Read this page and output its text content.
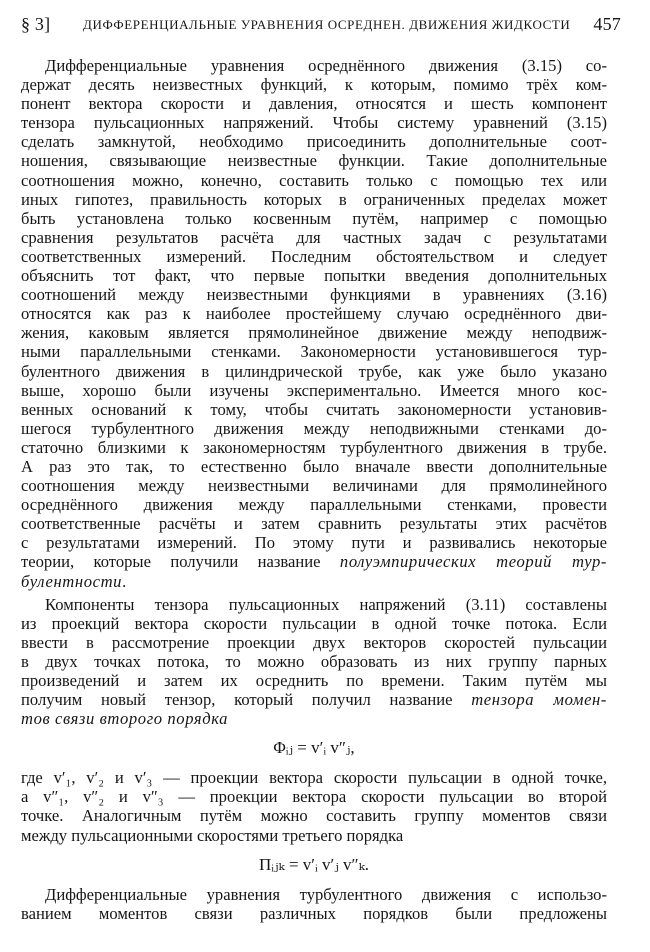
§ 3]	ДИФФЕРЕНЦИАЛЬНЫЕ УРАВНЕНИЯ ОСРЕДНЕН. ДВИЖЕНИЯ ЖИДКОСТИ 457
Дифференциальные уравнения осреднённого движения (3.15) со-
держат десять неизвестных функций, к которым, помимо трёх ком-
понент вектора скорости и давления, относятся и шесть компонент
тензора пульсационных напряжений. Чтобы систему уравнений (3.15)
сделать замкнутой, необходимо присоединить дополнительные соот-
ношения, связывающие неизвестные функции. Такие дополнительные
соотношения можно, конечно, составить только с помощью тех или
иных гипотез, правильность которых в ограниченных пределах может
быть установлена только косвенным путём, например с помощью
сравнения результатов расчёта для частных задач с результатами
соответственных измерений. Последним обстоятельством и следует
объяснить тот факт, что первые попытки введения дополнительных
соотношений между неизвестными функциями в уравнениях (3.16)
относятся как раз к наиболее простейшему случаю осреднённого дви-
жения, каковым является прямолинейное движение между неподвиж-
ными параллельными стенками. Закономерности установившегося тур-
булентного движения в цилиндрической трубе, как уже было указано
выше, хорошо были изучены экспериментально. Имеется много кос-
венных оснований к тому, чтобы считать закономерности установив-
шегося турбулентного движения между неподвижными стенками до-
статочно близкими к закономерностям турбулентного движения в трубе.
А раз это так, то естественно было вначале ввести дополнительные
соотношения между неизвестными величинами для прямолинейного
осреднённого движения между параллельными стенками, провести
соответственные расчёты и затем сравнить результаты этих расчётов
с результатами измерений. По этому пути и развивались некоторые
теории, которые получили название полуэмпирических теорий тур-
булентности.
Компоненты тензора пульсационных напряжений (3.11) составлены
из проекций вектора скорости пульсации в одной точке потока. Если
ввести в рассмотрение проекции двух векторов скоростей пульсации
в двух точках потока, то можно образовать из них группу парных
произведений и затем их осреднить по времени. Таким путём мы
получим новый тензор, который получил название тензора момен-
тов связи второго порядка
Φᵢⱼ = v′ᵢ v″ⱼ,
где v′₁, v′₂ и v′₃ — проекции вектора скорости пульсации в одной точке,
а v″₁, v″₂ и v″₃ — проекции вектора скорости пульсации во второй
точке. Аналогичным путём можно составить группу моментов связи
между пульсационными скоростями третьего порядка
Πᵢⱼₖ = v′ᵢ v′ⱼ v″ₖ.
Дифференциальные уравнения турбулентного движения с использо-
ванием моментов связи различных порядков были предложены
